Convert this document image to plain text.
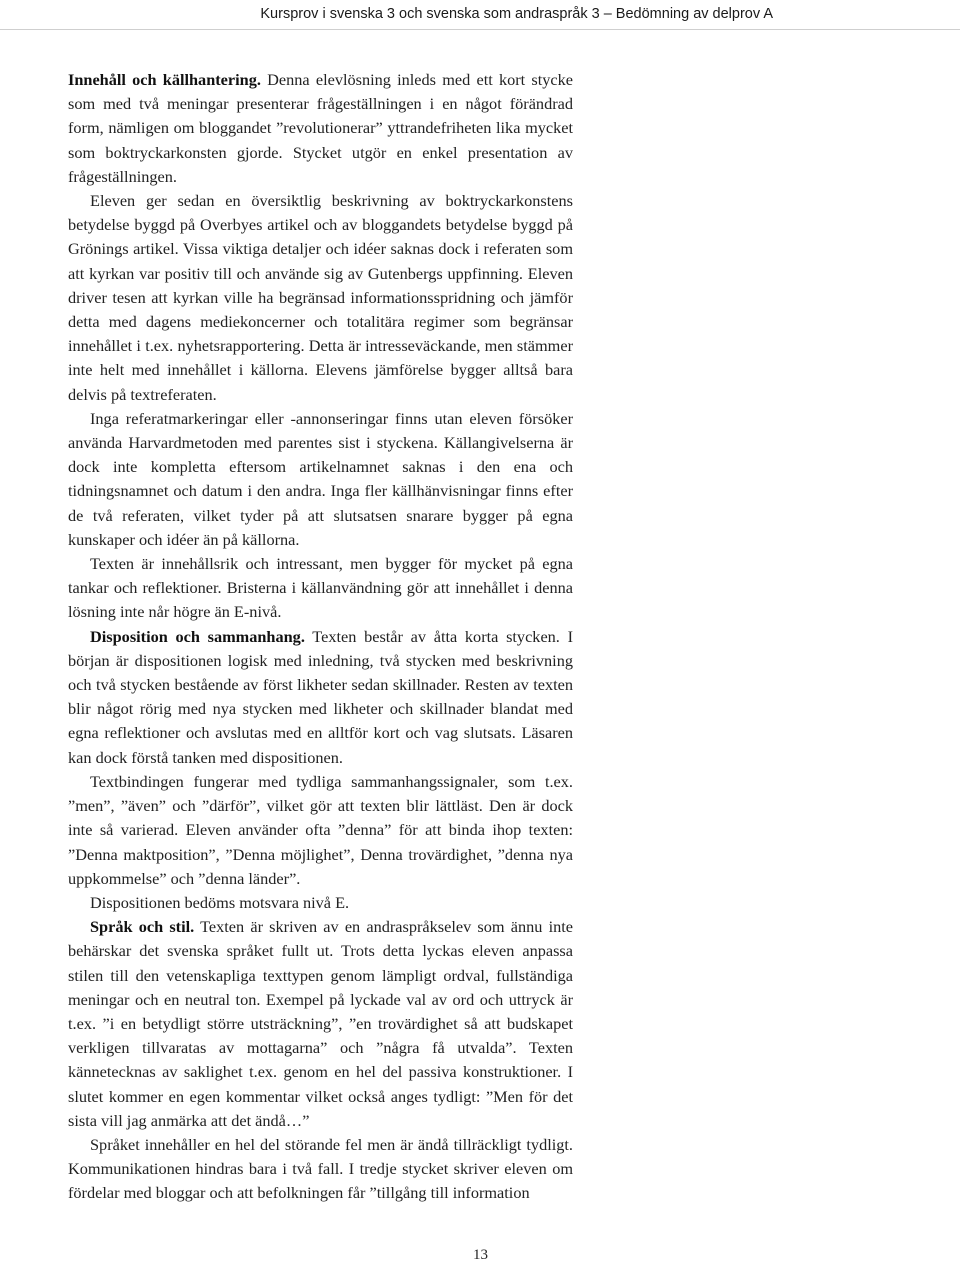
Kursprov i svenska 3 och svenska som andraspråk 3 – Bedömning av delprov A

Innehåll och källhantering. Denna elevlösning inleds med ett kort stycke som med två meningar presenterar frågeställningen i en något förändrad form, nämligen om bloggandet ”revolutionerar” yttrandefriheten lika mycket som boktryckarkonsten gjorde. Stycket utgör en enkel presentation av frågeställningen.

Eleven ger sedan en översiktlig beskrivning av boktryckarkonstens betydelse byggd på Overbyes artikel och av bloggandets betydelse byggd på Grönings artikel. Vissa viktiga detaljer och idéer saknas dock i referaten som att kyrkan var positiv till och använde sig av Gutenbergs uppfinning. Eleven driver tesen att kyrkan ville ha begränsad informationsspridning och jämför detta med dagens mediekoncerner och totalitära regimer som begränsar innehållet i t.ex. nyhetsrapportering. Detta är intresseväckande, men stämmer inte helt med innehållet i källorna. Elevens jämförelse bygger alltså bara delvis på textreferaten.

Inga referatmarkeringar eller -annonseringar finns utan eleven försöker använda Harvardmetoden med parentes sist i styckena. Källangivelserna är dock inte kompletta eftersom artikelnamnet saknas i den ena och tidningsnamnet och datum i den andra. Inga fler källhänvisningar finns efter de två referaten, vilket tyder på att slutsatsen snarare bygger på egna kunskaper och idéer än på källorna.

Texten är innehållsrik och intressant, men bygger för mycket på egna tankar och reflektioner. Bristerna i källanvändning gör att innehållet i denna lösning inte når högre än E-nivå.

Disposition och sammanhang. Texten består av åtta korta stycken. I början är dispositionen logisk med inledning, två stycken med beskrivning och två stycken bestående av först likheter sedan skillnader. Resten av texten blir något rörig med nya stycken med likheter och skillnader blandat med egna reflektioner och avslutas med en alltför kort och vag slutsats. Läsaren kan dock förstå tanken med dispositionen.

Textbindingen fungerar med tydliga sammanhangssignaler, som t.ex. ”men”, ”även” och ”därför”, vilket gör att texten blir lättläst. Den är dock inte så varierad. Eleven använder ofta ”denna” för att binda ihop texten: ”Denna maktposition”, ”Denna möjlighet”, Denna trovärdighet, ”denna nya uppkommelse” och ”denna länder”.

Dispositionen bedöms motsvara nivå E.

Språk och stil. Texten är skriven av en andraspråkselev som ännu inte behärskar det svenska språket fullt ut. Trots detta lyckas eleven anpassa stilen till den vetenskapliga texttypen genom lämpligt ordval, fullständiga meningar och en neutral ton. Exempel på lyckade val av ord och uttryck är t.ex. ”i en betydligt större utsträckning”, ”en trovärdighet så att budskapet verkligen tillvaratas av mottagarna” och ”några få utvalda”. Texten kännetecknas av saklighet t.ex. genom en hel del passiva konstruktioner. I slutet kommer en egen kommentar vilket också anges tydligt: ”Men för det sista vill jag anmärka att det ändå…”

Språket innehåller en hel del störande fel men är ändå tillräckligt tydligt. Kommunikationen hindras bara i två fall. I tredje stycket skriver eleven om fördelar med bloggar och att befolkningen får ”tillgång till information

13
